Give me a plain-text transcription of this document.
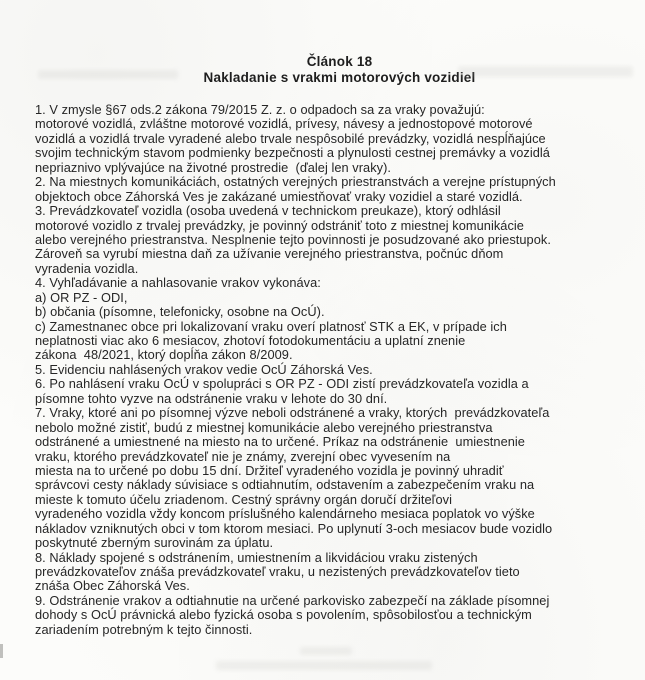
Článok 18
Nakladanie s vrakmi motorových vozidiel
1. V zmysle §67 ods.2 zákona 79/2015 Z. z. o odpadoch sa za vraky považujú:
motorové vozidlá, zvláštne motorové vozidlá, prívesy, návesy a jednostopové motorové
vozidlá a vozidlá trvale vyradené alebo trvale nespôsobilé prevádzky, vozidlá nespĺňajúce
svojim technickým stavom podmienky bezpečnosti a plynulosti cestnej premávky a vozidlá
nepriaznivo vplývajúce na životné prostredie  (ďalej len vraky).
2. Na miestnych komunikáciách, ostatných verejných priestranstvách a verejne prístupných
objektoch obce Záhorská Ves je zakázané umiestňovať vraky vozidiel a staré vozidlá.
3. Prevádzkovateľ vozidla (osoba uvedená v technickom preukaze), ktorý odhlásil
motorové vozidlo z trvalej prevádzky, je povinný odstrániť toto z miestnej komunikácie
alebo verejného priestranstva. Nesplnenie tejto povinnosti je posudzované ako priestupok.
Zároveň sa vyrubí miestna daň za užívanie verejného priestranstva, počnúc dňom
vyradenia vozidla.
4. Vyhľadávanie a nahlasovanie vrakov vykonáva:
a) OR PZ - ODI,
b) občania (písomne, telefonicky, osobne na OcÚ).
c) Zamestnanec obce pri lokalizovaní vraku overí platnosť STK a EK, v prípade ich
neplatnosti viac ako 6 mesiacov, zhotoví fotodokumentáciu a uplatní znenie
zákona  48/2021, ktorý dopĺňa zákon 8/2009.
5. Evidenciu nahlásených vrakov vedie OcÚ Záhorská Ves.
6. Po nahlásení vraku OcÚ v spolupráci s OR PZ - ODI zistí prevádzkovateľa vozidla a
písomne tohto vyzve na odstránenie vraku v lehote do 30 dní.
7. Vraky, ktoré ani po písomnej výzve neboli odstránené a vraky, ktorých  prevádzkovateľa
nebolo možné zistiť, budú z miestnej komunikácie alebo verejného priestranstva
odstránené a umiestnené na miesto na to určené. Príkaz na odstránenie  umiestnenie
vraku, ktorého prevádzkovateľ nie je známy, zverejní obec vyvesením na
miesta na to určené po dobu 15 dní. Držiteľ vyradeného vozidla je povinný uhradiť
správcovi cesty náklady súvisiace s odtiahnutím, odstavením a zabezpečením vraku na
mieste k tomuto účelu zriadenom. Cestný správny orgán doručí držiteľovi
vyradeného vozidla vždy koncom príslušného kalendárneho mesiaca poplatok vo výške
nákladov vzniknutých obci v tom ktorom mesiaci. Po uplynutí 3-och mesiacov bude vozidlo
poskytnuté zberným surovinám za úplatu.
8. Náklady spojené s odstránením, umiestnením a likvidáciou vraku zistených
prevádzkovateľov znáša prevádzkovateľ vraku, u nezistených prevádzkovateľov tieto
znáša Obec Záhorská Ves.
9. Odstránenie vrakov a odtiahnutie na určené parkovisko zabezpečí na základe písomnej
dohody s OcÚ právnická alebo fyzická osoba s povolením, spôsobilosťou a technickým
zariadením potrebným k tejto činnosti.
